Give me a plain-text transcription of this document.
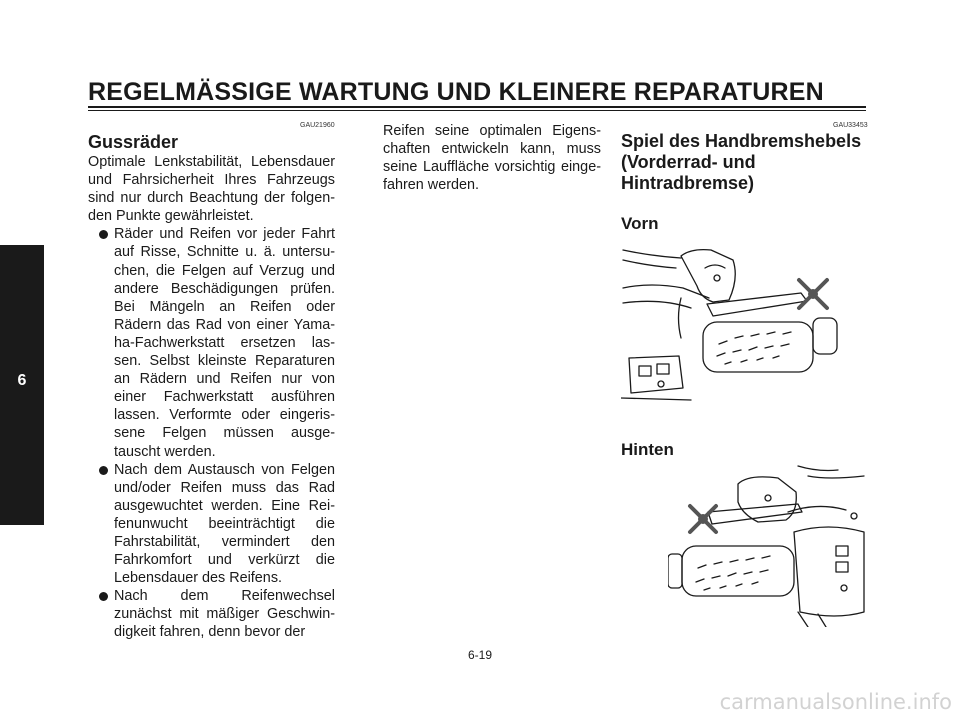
REGELMÄSSIGE WARTUNG UND KLEINERE REPARATUREN
6
GAU21960
Gussräder

Optimale Lenkstabilität, Lebensdauer und Fahrsicherheit Ihres Fahrzeugs sind nur durch Beachtung der folgen-den Punkte gewährleistet.

Räder und Reifen vor jeder Fahrt auf Risse, Schnitte u. ä. untersu-chen, die Felgen auf Verzug und andere Beschädigungen prüfen. Bei Mängeln an Reifen oder Rädern das Rad von einer Yama-ha-Fachwerkstatt ersetzen las-sen. Selbst kleinste Reparaturen an Rädern und Reifen nur von einer Fachwerkstatt ausführen lassen. Verformte oder eingeris-sene Felgen müssen ausge-tauscht werden.

Nach dem Austausch von Felgen und/oder Reifen muss das Rad ausgewuchtet werden. Eine Rei-fenunwucht beeinträchtigt die Fahrstabilität, vermindert den Fahrkomfort und verkürzt die Lebensdauer des Reifens.

Nach dem Reifenwechsel zunächst mit mäßiger Geschwin-digkeit fahren, denn bevor der

Reifen seine optimalen Eigens-chaften entwickeln kann, muss seine Lauffläche vorsichtig einge-fahren werden.

GAU33453
Spiel des Handbremshebels
(Vorderrad- und
Hintradbremse)
Vorn
Hinten
6-19
carmanualsonline.info
